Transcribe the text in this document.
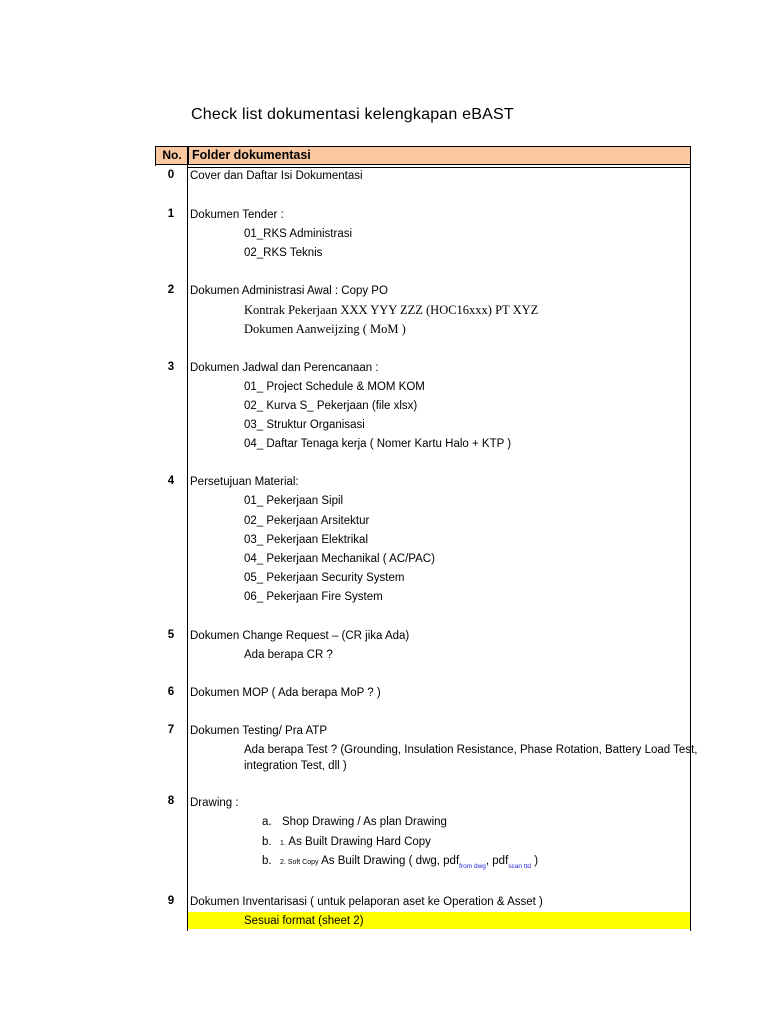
Check list dokumentasi kelengkapan eBAST
No. Folder dokumentasi
0	Cover dan Daftar Isi Dokumentasi
1	Dokumen Tender :
01_RKS Administrasi
02_RKS Teknis
2	Dokumen Administrasi Awal : Copy PO
Kontrak Pekerjaan XXX YYY ZZZ (HOC16xxx) PT XYZ
Dokumen Aanweijzing ( MoM )
3	Dokumen Jadwal dan Perencanaan :
01_ Project Schedule & MOM KOM
02_ Kurva S_ Pekerjaan (file xlsx)
03_ Struktur Organisasi
04_ Daftar Tenaga kerja ( Nomer Kartu Halo + KTP )
4	Persetujuan Material:
01_ Pekerjaan Sipil
02_ Pekerjaan Arsitektur
03_ Pekerjaan Elektrikal
04_ Pekerjaan Mechanikal ( AC/PAC)
05_ Pekerjaan Security System
06_ Pekerjaan Fire System
5	Dokumen Change Request – (CR jika Ada)
Ada berapa CR ?
6	Dokumen MOP ( Ada berapa MoP ? )
7	Dokumen Testing/ Pra ATP
Ada berapa Test ? (Grounding, Insulation Resistance, Phase Rotation, Battery Load Test,
integration Test, dll )
8	Drawing :
a. Shop Drawing / As plan Drawing
b. 1. As Built Drawing Hard Copy
b. 2. Soft Copy As Built Drawing ( dwg, pdf$_{from dwg}$, pdf$_{scan ttd}$ )
9	Dokumen Inventarisasi ( untuk pelaporan aset ke Operation & Asset )
Sesuai format (sheet 2)
